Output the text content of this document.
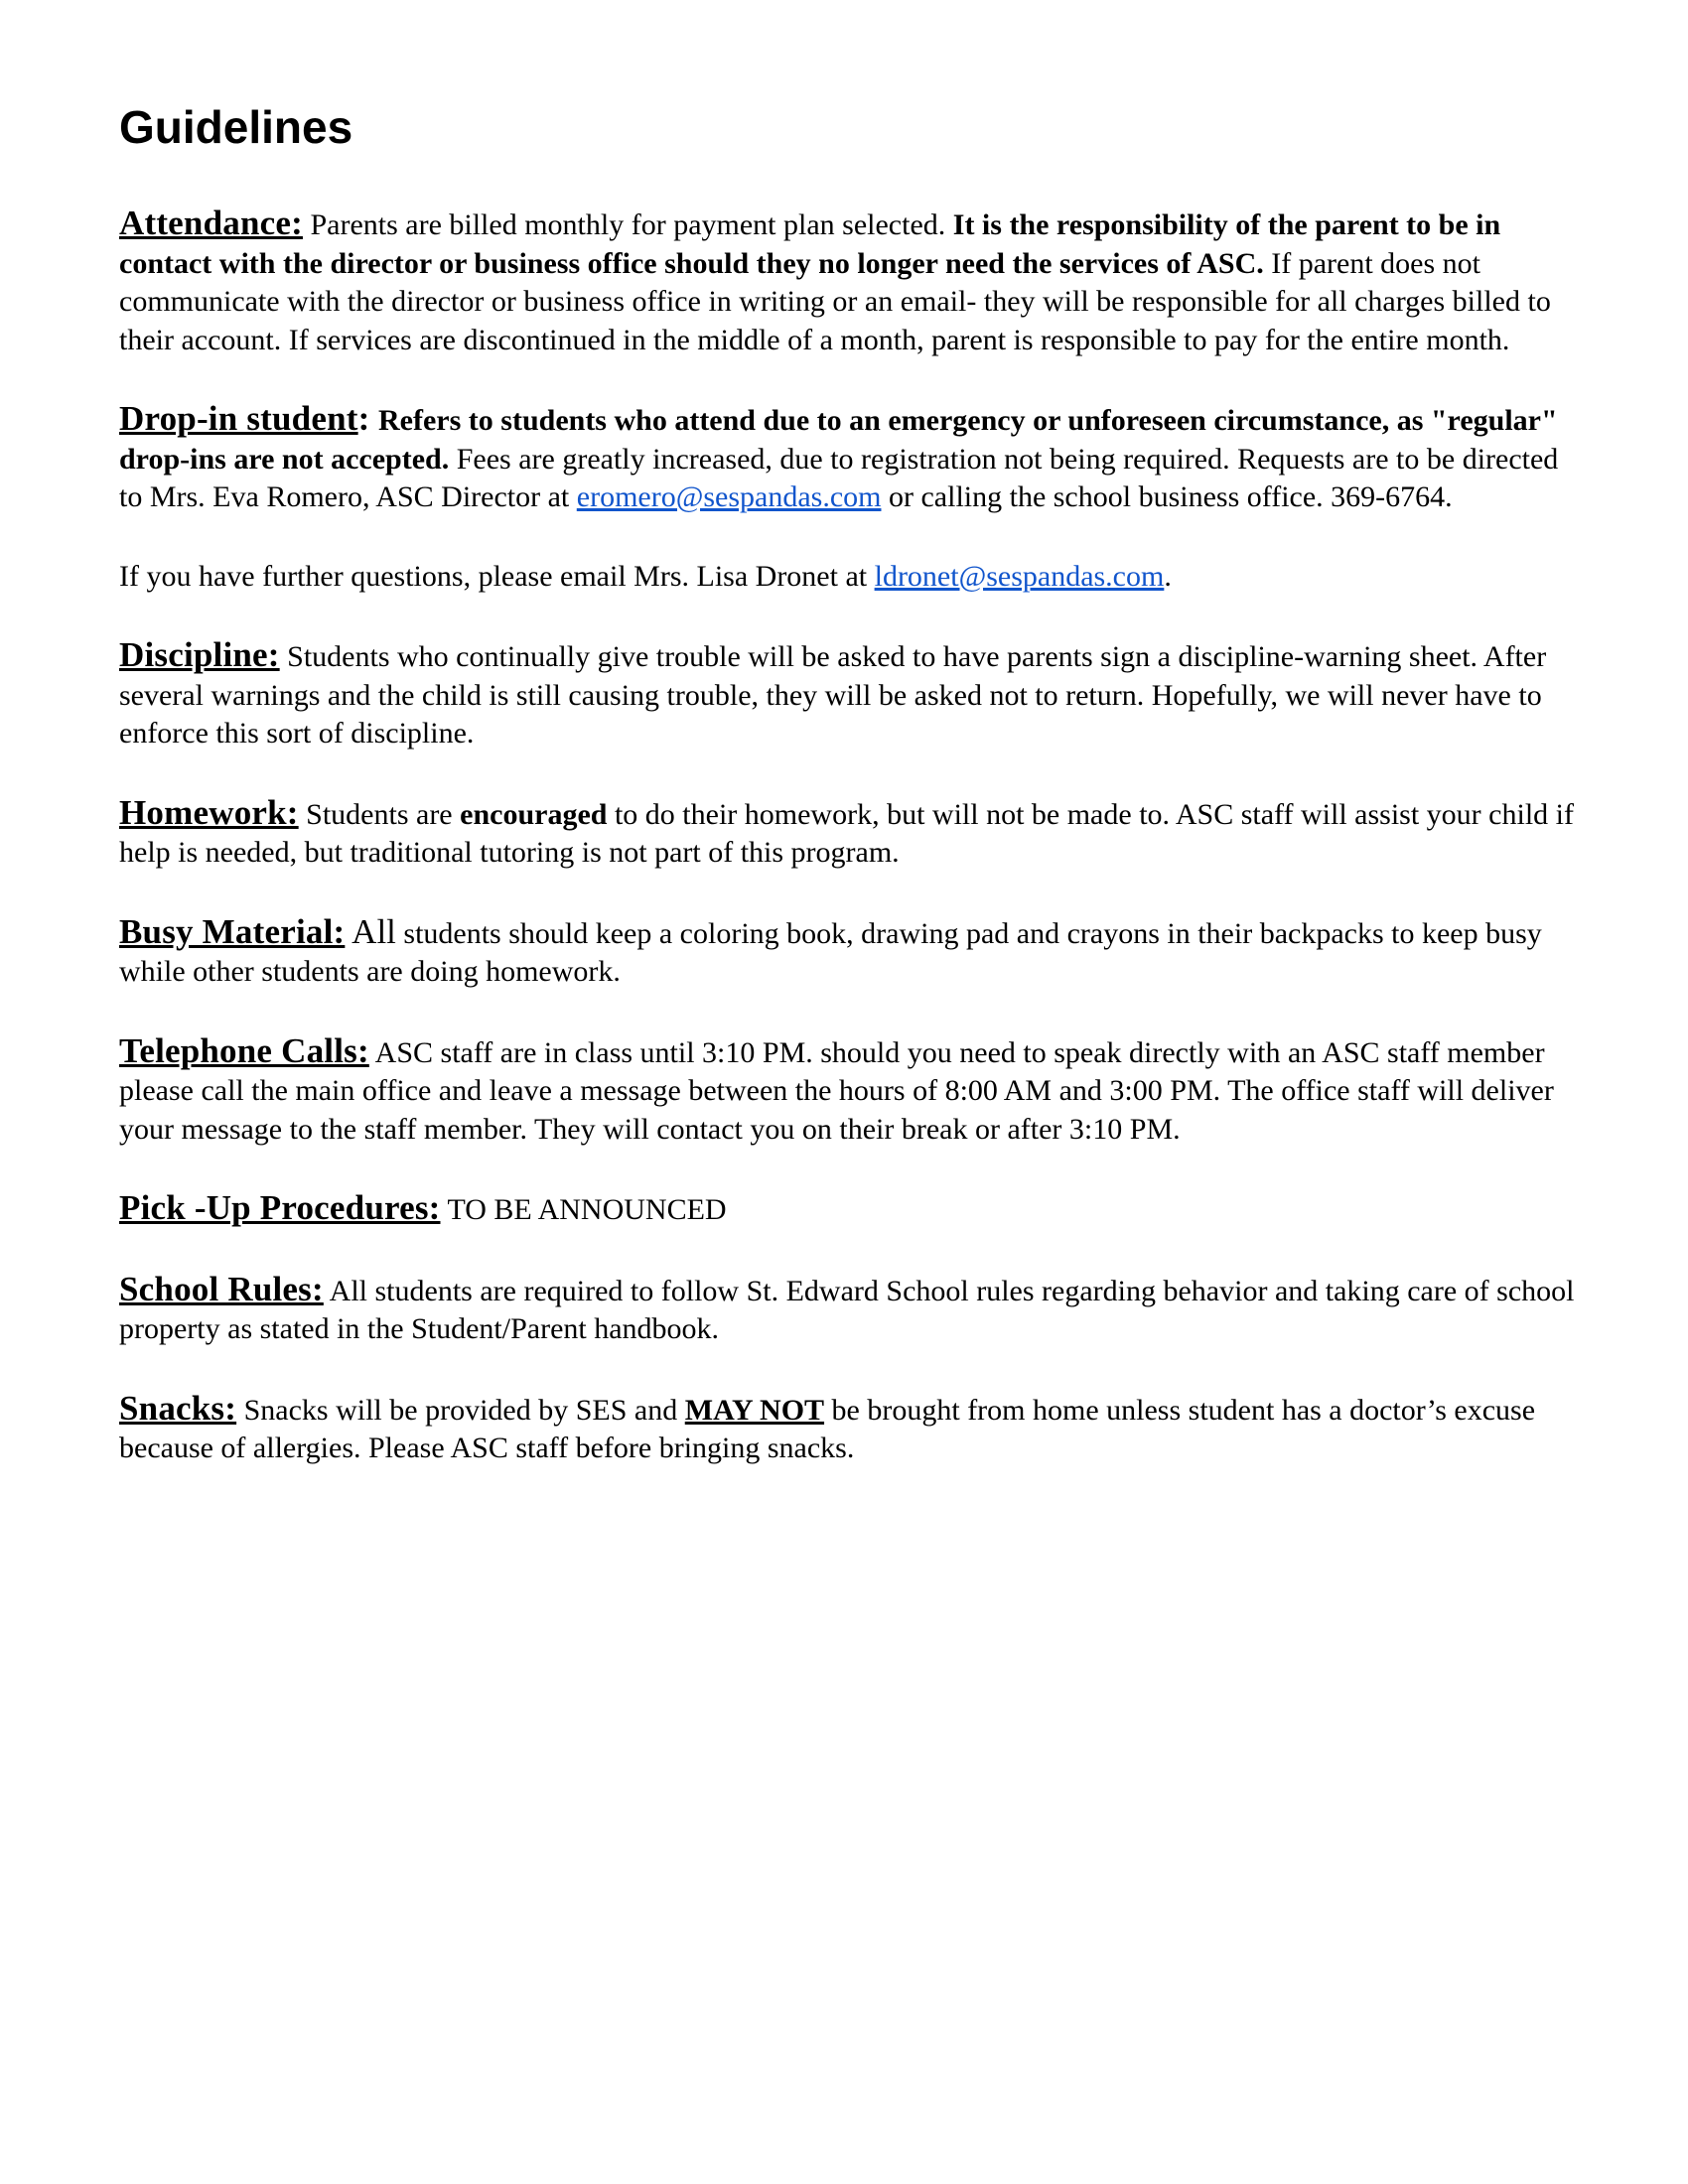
Guidelines

Attendance: Parents are billed monthly for payment plan selected. It is the responsibility of the parent to be in contact with the director or business office should they no longer need the services of ASC. If parent does not communicate with the director or business office in writing or an email- they will be responsible for all charges billed to their account. If services are discontinued in the middle of a month, parent is responsible to pay for the entire month.

Drop-in student: Refers to students who attend due to an emergency or unforeseen circumstance, as "regular" drop-ins are not accepted. Fees are greatly increased, due to registration not being required. Requests are to be directed to Mrs. Eva Romero, ASC Director at eromero@sespandas.com or calling the school business office. 369-6764.

If you have further questions, please email Mrs. Lisa Dronet at ldronet@sespandas.com.

Discipline: Students who continually give trouble will be asked to have parents sign a discipline-warning sheet. After several warnings and the child is still causing trouble, they will be asked not to return. Hopefully, we will never have to enforce this sort of discipline.

Homework: Students are encouraged to do their homework, but will not be made to. ASC staff will assist your child if help is needed, but traditional tutoring is not part of this program.

Busy Material: All students should keep a coloring book, drawing pad and crayons in their backpacks to keep busy while other students are doing homework.

Telephone Calls: ASC staff are in class until 3:10 PM. should you need to speak directly with an ASC staff member please call the main office and leave a message between the hours of 8:00 AM and 3:00 PM. The office staff will deliver your message to the staff member. They will contact you on their break or after 3:10 PM.

Pick -Up Procedures: TO BE ANNOUNCED

School Rules: All students are required to follow St. Edward School rules regarding behavior and taking care of school property as stated in the Student/Parent handbook.

Snacks: Snacks will be provided by SES and MAY NOT be brought from home unless student has a doctor’s excuse because of allergies. Please ASC staff before bringing snacks.
